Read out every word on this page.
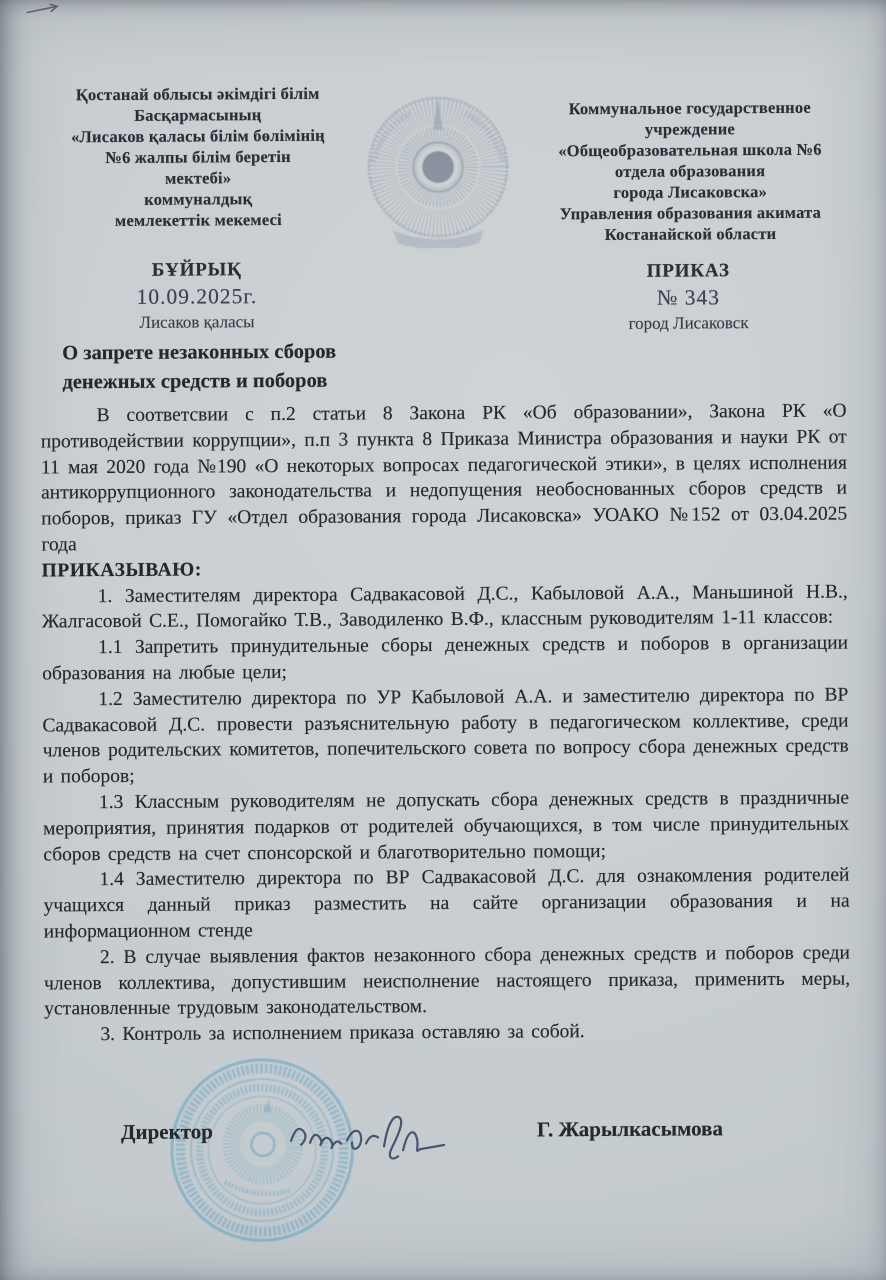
Қостанай облысы әкімдігі білім
Басқармасының
«Лисаков қаласы білім бөлімінің
№6 жалпы білім беретін
мектебі»
коммуналдық
мемлекеттік мекемесі
Коммунальное государственное
учреждение
«Общеобразовательная школа №6
отдела образования
города Лисаковска»
Управления образования акимата
Костанайской области
БҰЙРЫҚ
10.09.2025г.
Лисаков қаласы
ПРИКАЗ
№ 343
город Лисаковск
О запрете незаконных сборов
денежных средств и поборов

В соответсвии с п.2 статьи 8 Закона РК «Об образовании», Закона РК «О противодействии коррупции», п.п 3 пункта 8 Приказа Министра образования и науки РК от 11 мая 2020 года №190 «О некоторых вопросах педагогической этики», в целях исполнения антикоррупционного законодательства и недопущения необоснованных сборов средств и поборов, приказ ГУ «Отдел образования города Лисаковска» УОАКО №152 от 03.04.2025 года

ПРИКАЗЫВАЮ:

1. Заместителям директора Садвакасовой Д.С., Кабыловой А.А., Маньшиной Н.В., Жалгасовой С.Е., Помогайко Т.В., Заводиленко В.Ф., классным руководителям 1-11 классов:

1.1 Запретить принудительные сборы денежных средств и поборов в организации образования на любые цели;

1.2 Заместителю директора по УР Кабыловой А.А. и заместителю директора по ВР Садвакасовой Д.С. провести разъяснительную работу в педагогическом коллективе, среди членов родительских комитетов, попечительского совета по вопросу сбора денежных средств и поборов;

1.3 Классным руководителям не допускать сбора денежных средств в праздничные мероприятия, принятия подарков от родителей обучающихся, в том числе принудительных сборов средств на счет спонсорской и благотворительно помощи;

1.4 Заместителю директора по ВР Садвакасовой Д.С. для ознакомления родителей учащихся данный приказ разместить на сайте организации образования и на информационном стенде

2. В случае выявления фактов незаконного сбора денежных средств и поборов среди членов коллектива, допустившим неисполнение настоящего приказа, применить меры, установленные трудовым законодательством.

3. Контроль за исполнением приказа оставляю за собой.

Директор	Г. Жарылкасымова
